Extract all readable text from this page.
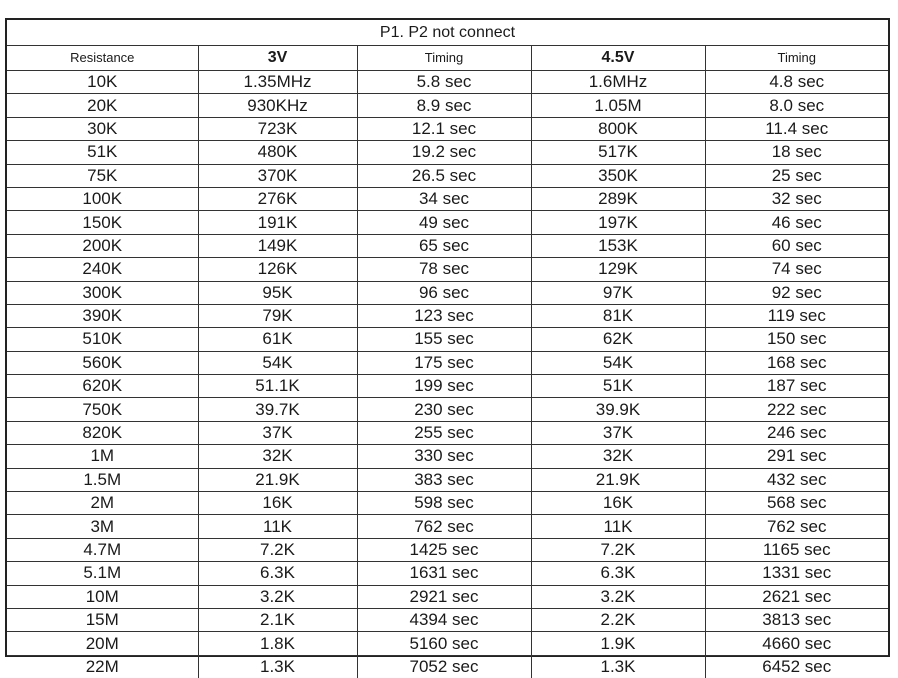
P1. P2 not connect				
Resistance	3V	Timing	4.5V	Timing
10K	1.35MHz	5.8 sec	1.6MHz	4.8 sec
20K	930KHz	8.9 sec	1.05M	8.0 sec
30K	723K	12.1 sec	800K	11.4 sec
51K	480K	19.2 sec	517K	18 sec
75K	370K	26.5 sec	350K	25 sec
100K	276K	34 sec	289K	32 sec
150K	191K	49 sec	197K	46 sec
200K	149K	65 sec	153K	60 sec
240K	126K	78 sec	129K	74 sec
300K	95K	96 sec	97K	92 sec
390K	79K	123 sec	81K	119 sec
510K	61K	155 sec	62K	150 sec
560K	54K	175 sec	54K	168 sec
620K	51.1K	199 sec	51K	187 sec
750K	39.7K	230 sec	39.9K	222 sec
820K	37K	255 sec	37K	246 sec
1M	32K	330 sec	32K	291 sec
1.5M	21.9K	383 sec	21.9K	432 sec
2M	16K	598 sec	16K	568 sec
3M	11K	762 sec	11K	762 sec
4.7M	7.2K	1425 sec	7.2K	1165 sec
5.1M	6.3K	1631 sec	6.3K	1331 sec
10M	3.2K	2921 sec	3.2K	2621 sec
15M	2.1K	4394 sec	2.2K	3813 sec
20M	1.8K	5160 sec	1.9K	4660 sec
22M	1.3K	7052 sec	1.3K	6452 sec
